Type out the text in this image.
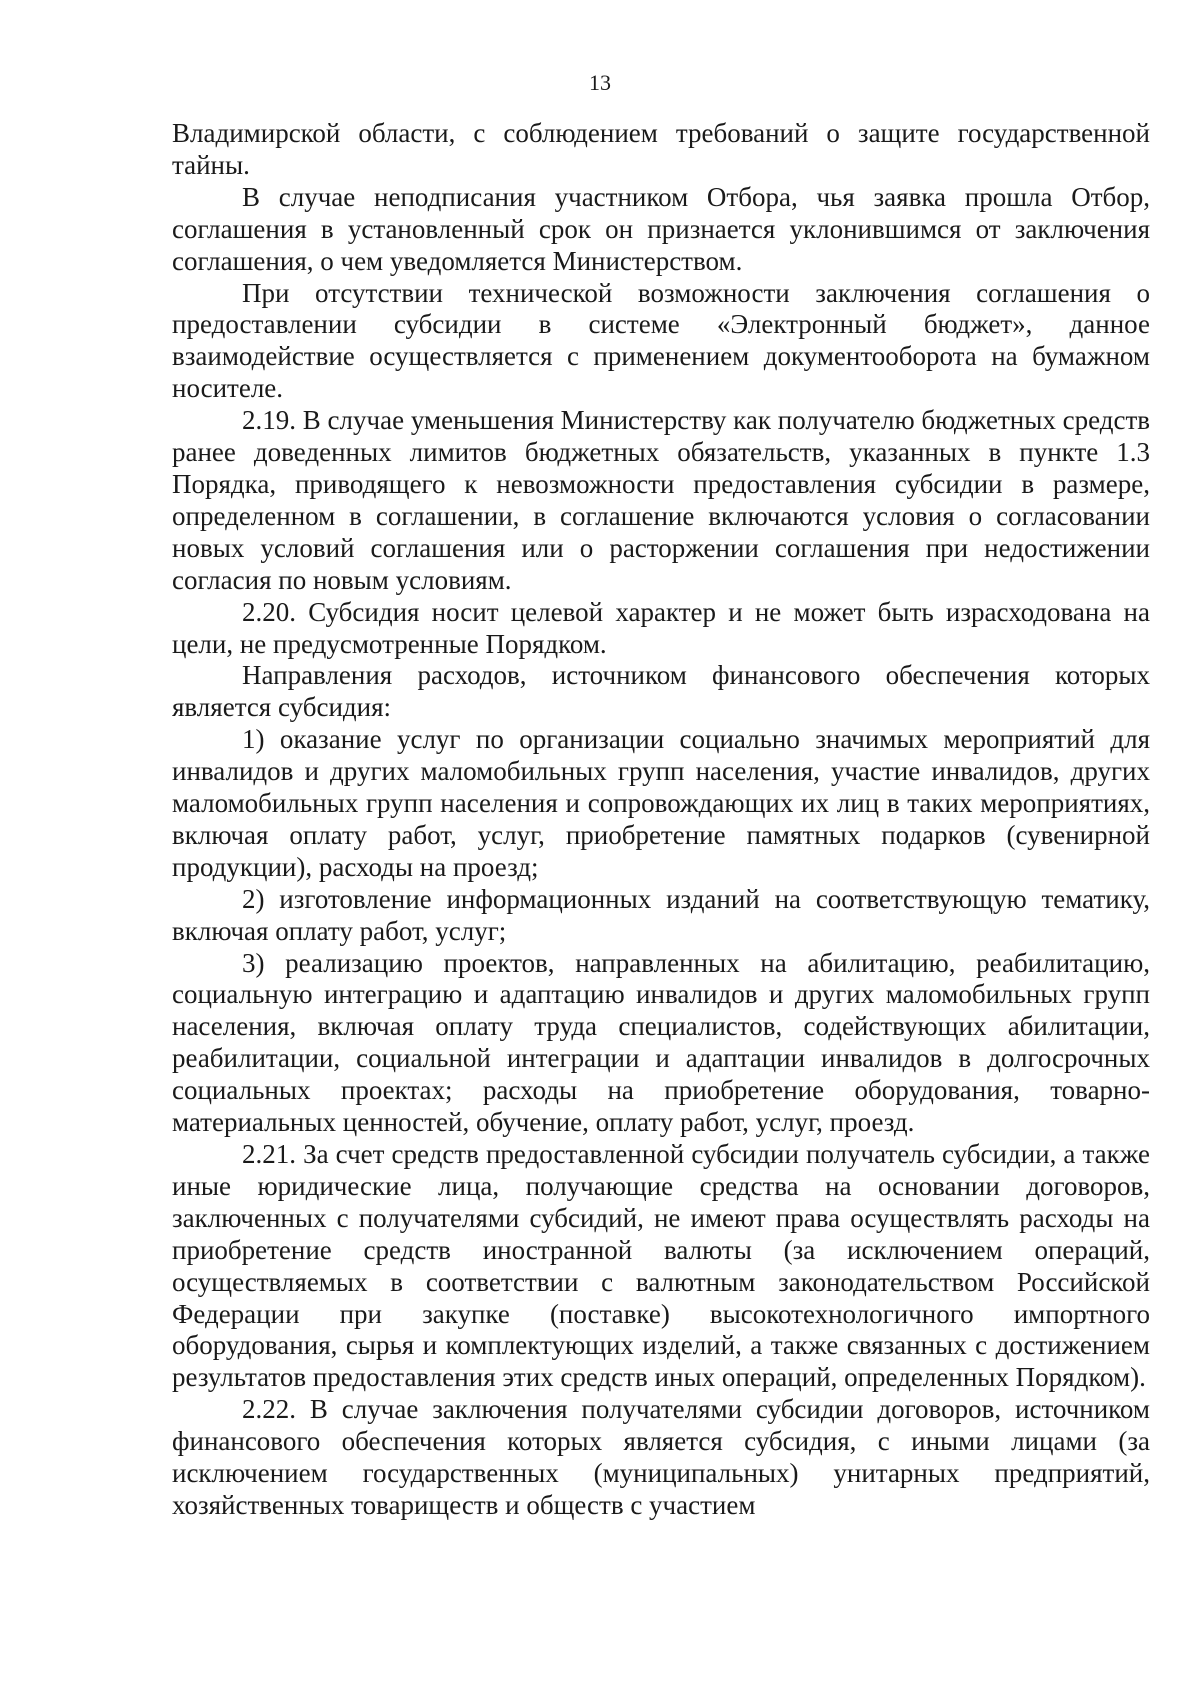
13

Владимирской области, с соблюдением требований о защите государственной тайны.

В случае неподписания участником Отбора, чья заявка прошла Отбор, соглашения в установленный срок он признается уклонившимся от заключения соглашения, о чем уведомляется Министерством.

При отсутствии технической возможности заключения соглашения о предоставлении субсидии в системе «Электронный бюджет», данное взаимодействие осуществляется с применением документооборота на бумажном носителе.

2.19. В случае уменьшения Министерству как получателю бюджетных средств ранее доведенных лимитов бюджетных обязательств, указанных в пункте 1.3 Порядка, приводящего к невозможности предоставления субсидии в размере, определенном в соглашении, в соглашение включаются условия о согласовании новых условий соглашения или о расторжении соглашения при недостижении согласия по новым условиям.

2.20. Субсидия носит целевой характер и не может быть израсходована на цели, не предусмотренные Порядком.

Направления расходов, источником финансового обеспечения которых является субсидия:

1) оказание услуг по организации социально значимых мероприятий для инвалидов и других маломобильных групп населения, участие инвалидов, других маломобильных групп населения и сопровождающих их лиц в таких мероприятиях, включая оплату работ, услуг, приобретение памятных подарков (сувенирной продукции), расходы на проезд;

2) изготовление информационных изданий на соответствующую тематику, включая оплату работ, услуг;

3) реализацию проектов, направленных на абилитацию, реабилитацию, социальную интеграцию и адаптацию инвалидов и других маломобильных групп населения, включая оплату труда специалистов, содействующих абилитации, реабилитации, социальной интеграции и адаптации инвалидов в долгосрочных социальных проектах; расходы на приобретение оборудования, товарно-материальных ценностей, обучение, оплату работ, услуг, проезд.

2.21. За счет средств предоставленной субсидии получатель субсидии, а также иные юридические лица, получающие средства на основании договоров, заключенных с получателями субсидий, не имеют права осуществлять расходы на приобретение средств иностранной валюты (за исключением операций, осуществляемых в соответствии с валютным законодательством Российской Федерации при закупке (поставке) высокотехнологичного импортного оборудования, сырья и комплектующих изделий, а также связанных с достижением результатов предоставления этих средств иных операций, определенных Порядком).

2.22. В случае заключения получателями субсидии договоров, источником финансового обеспечения которых является субсидия, с иными лицами (за исключением государственных (муниципальных) унитарных предприятий, хозяйственных товариществ и обществ с участием
